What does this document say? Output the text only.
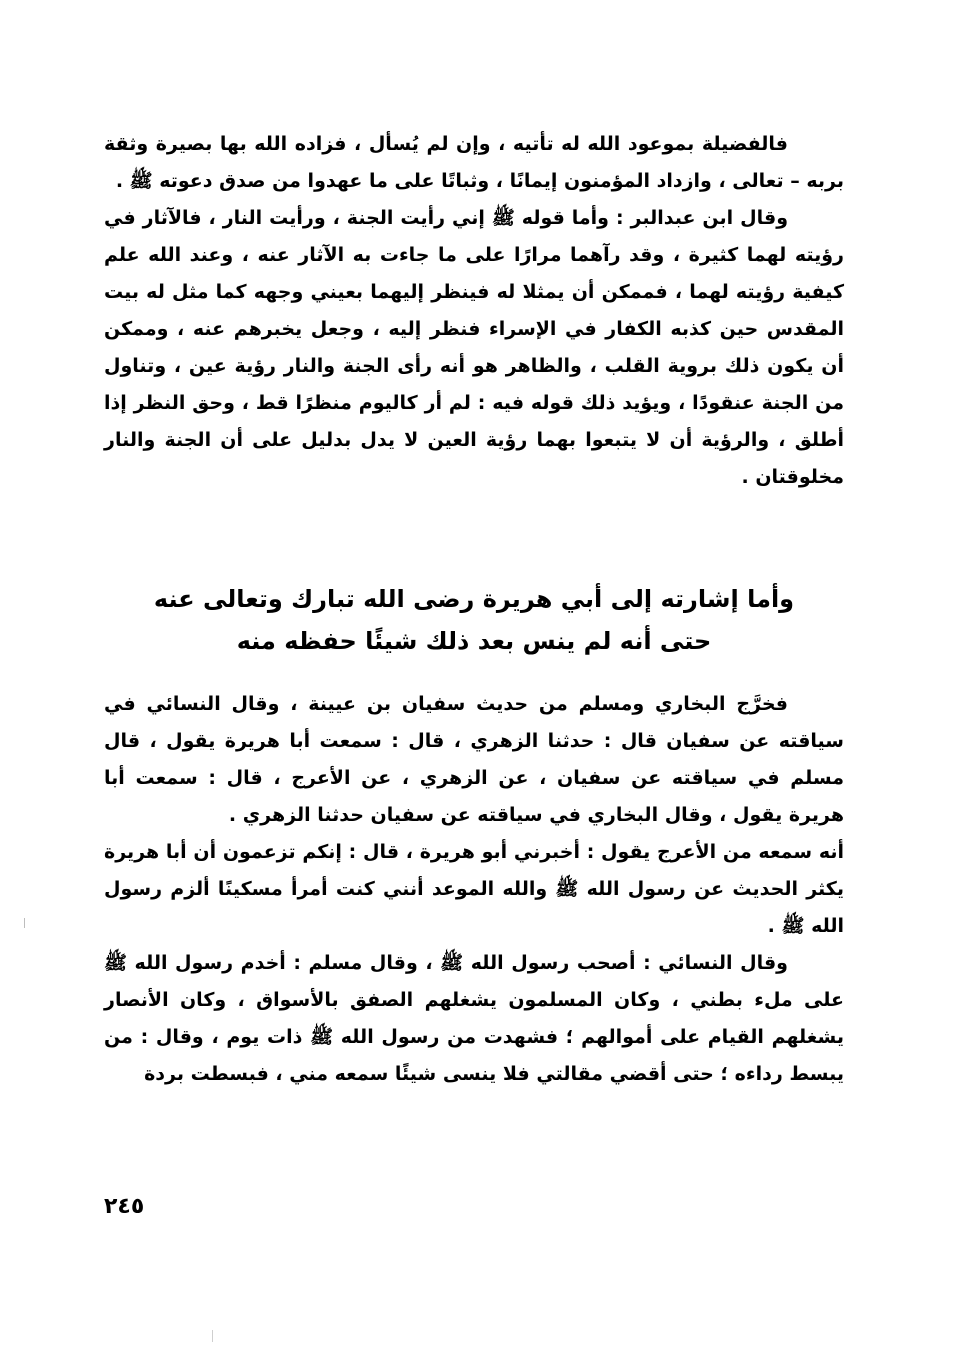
فالفضيلة بموعود الله له تأتيه ، وإن لم يُسأل ، فزاده الله بها بصيرة وثقة بربه – تعالى ، وازداد المؤمنون إيمانًا ، وثباتًا على ما عهدوا من صدق دعوته ﷺ .

وقال ابن عبدالبر : وأما قوله ﷺ إني رأيت الجنة ، ورأيت النار ، فالآثار في رؤيته لهما كثيرة ، وقد رآهما مرارًا على ما جاءت به الآثار عنه ، وعند الله علم كيفية رؤيته لهما ، فممكن أن يمثلا له فينظر إليهما بعيني وجهه كما مثل له بيت المقدس حين كذبه الكفار في الإسراء فنظر إليه ، وجعل يخبرهم عنه ، وممكن أن يكون ذلك بروية القلب ، والظاهر هو أنه رأى الجنة والنار رؤية عين ، وتناول من الجنة عنقودًا ، ويؤيد ذلك قوله فيه : لم أر كاليوم منظرًا قط ، وحق النظر إذا أطلق ، والرؤية أن لا يتبعوا بهما رؤية العين لا يدل بدليل على أن الجنة والنار مخلوقتان .

وأما إشارته إلى أبي هريرة رضى الله تبارك وتعالى عنه
حتى أنه لم ينس بعد ذلك شيئًا حفظه منه

فخرَّج البخاري ومسلم من حديث سفيان بن عيينة ، وقال النسائي في سياقته عن سفيان قال : حدثنا الزهري ، قال : سمعت أبا هريرة يقول ، قال مسلم في سياقته عن سفيان ، عن الزهري ، عن الأعرج ، قال : سمعت أبا هريرة يقول ، وقال البخاري في سياقته عن سفيان حدثنا الزهري .

أنه سمعه من الأعرج يقول : أخبرني أبو هريرة ، قال : إنكم تزعمون أن أبا هريرة يكثر الحديث عن رسول الله ﷺ والله الموعد أنني كنت أمرأ مسكينًا ألزم رسول الله ﷺ .

وقال النسائي : أصحب رسول الله ﷺ ، وقال مسلم : أخدم رسول الله ﷺ على ملء بطني ، وكان المسلمون يشغلهم الصفق بالأسواق ، وكان الأنصار يشغلهم القيام على أموالهم ؛ فشهدت من رسول الله ﷺ ذات يوم ، وقال : من يبسط رداءه ؛ حتى أقضي مقالتي فلا ينسى شيئًا سمعه مني ، فبسطت بردة

٢٤٥
